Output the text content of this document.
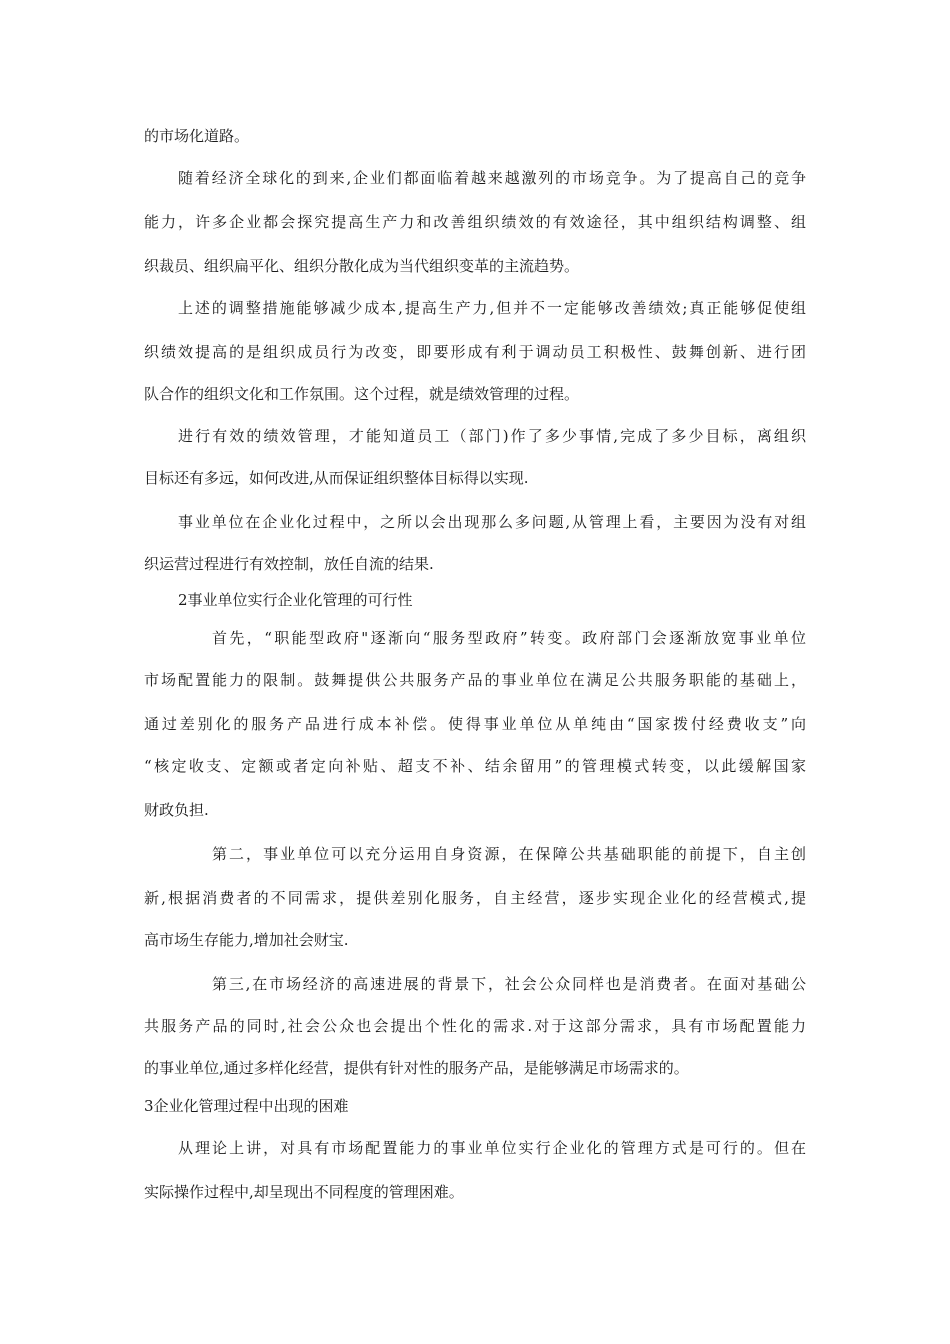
的市场化道路。
随着经济全球化的到来,企业们都面临着越来越激列的市场竞争。为了提高自己的竞争
能力，许多企业都会探究提高生产力和改善组织绩效的有效途径，其中组织结构调整、组
织裁员、组织扁平化、组织分散化成为当代组织变革的主流趋势。
上述的调整措施能够减少成本,提高生产力,但并不一定能够改善绩效;真正能够促使组
织绩效提高的是组织成员行为改变，即要形成有利于调动员工积极性、鼓舞创新、进行团
队合作的组织文化和工作氛围。这个过程，就是绩效管理的过程。
进行有效的绩效管理，才能知道员工（部门)作了多少事情,完成了多少目标，离组织
目标还有多远，如何改进,从而保证组织整体目标得以实现.
事业单位在企业化过程中，之所以会出现那么多问题,从管理上看，主要因为没有对组
织运营过程进行有效控制，放任自流的结果.
2事业单位实行企业化管理的可行性
首先，“职能型政府"逐渐向“服务型政府”转变。政府部门会逐渐放宽事业单位
市场配置能力的限制。鼓舞提供公共服务产品的事业单位在满足公共服务职能的基础上，
通过差别化的服务产品进行成本补偿。使得事业单位从单纯由“国家拨付经费收支”向
“核定收支、定额或者定向补贴、超支不补、结余留用”的管理模式转变，以此缓解国家
财政负担.
第二，事业单位可以充分运用自身资源，在保障公共基础职能的前提下，自主创
新,根据消费者的不同需求，提供差别化服务，自主经营，逐步实现企业化的经营模式,提
高市场生存能力,增加社会财宝.
第三,在市场经济的高速进展的背景下，社会公众同样也是消费者。在面对基础公
共服务产品的同时,社会公众也会提出个性化的需求.对于这部分需求，具有市场配置能力
的事业单位,通过多样化经营，提供有针对性的服务产品，是能够满足市场需求的。
3企业化管理过程中出现的困难
从理论上讲，对具有市场配置能力的事业单位实行企业化的管理方式是可行的。但在
实际操作过程中,却呈现出不同程度的管理困难。
